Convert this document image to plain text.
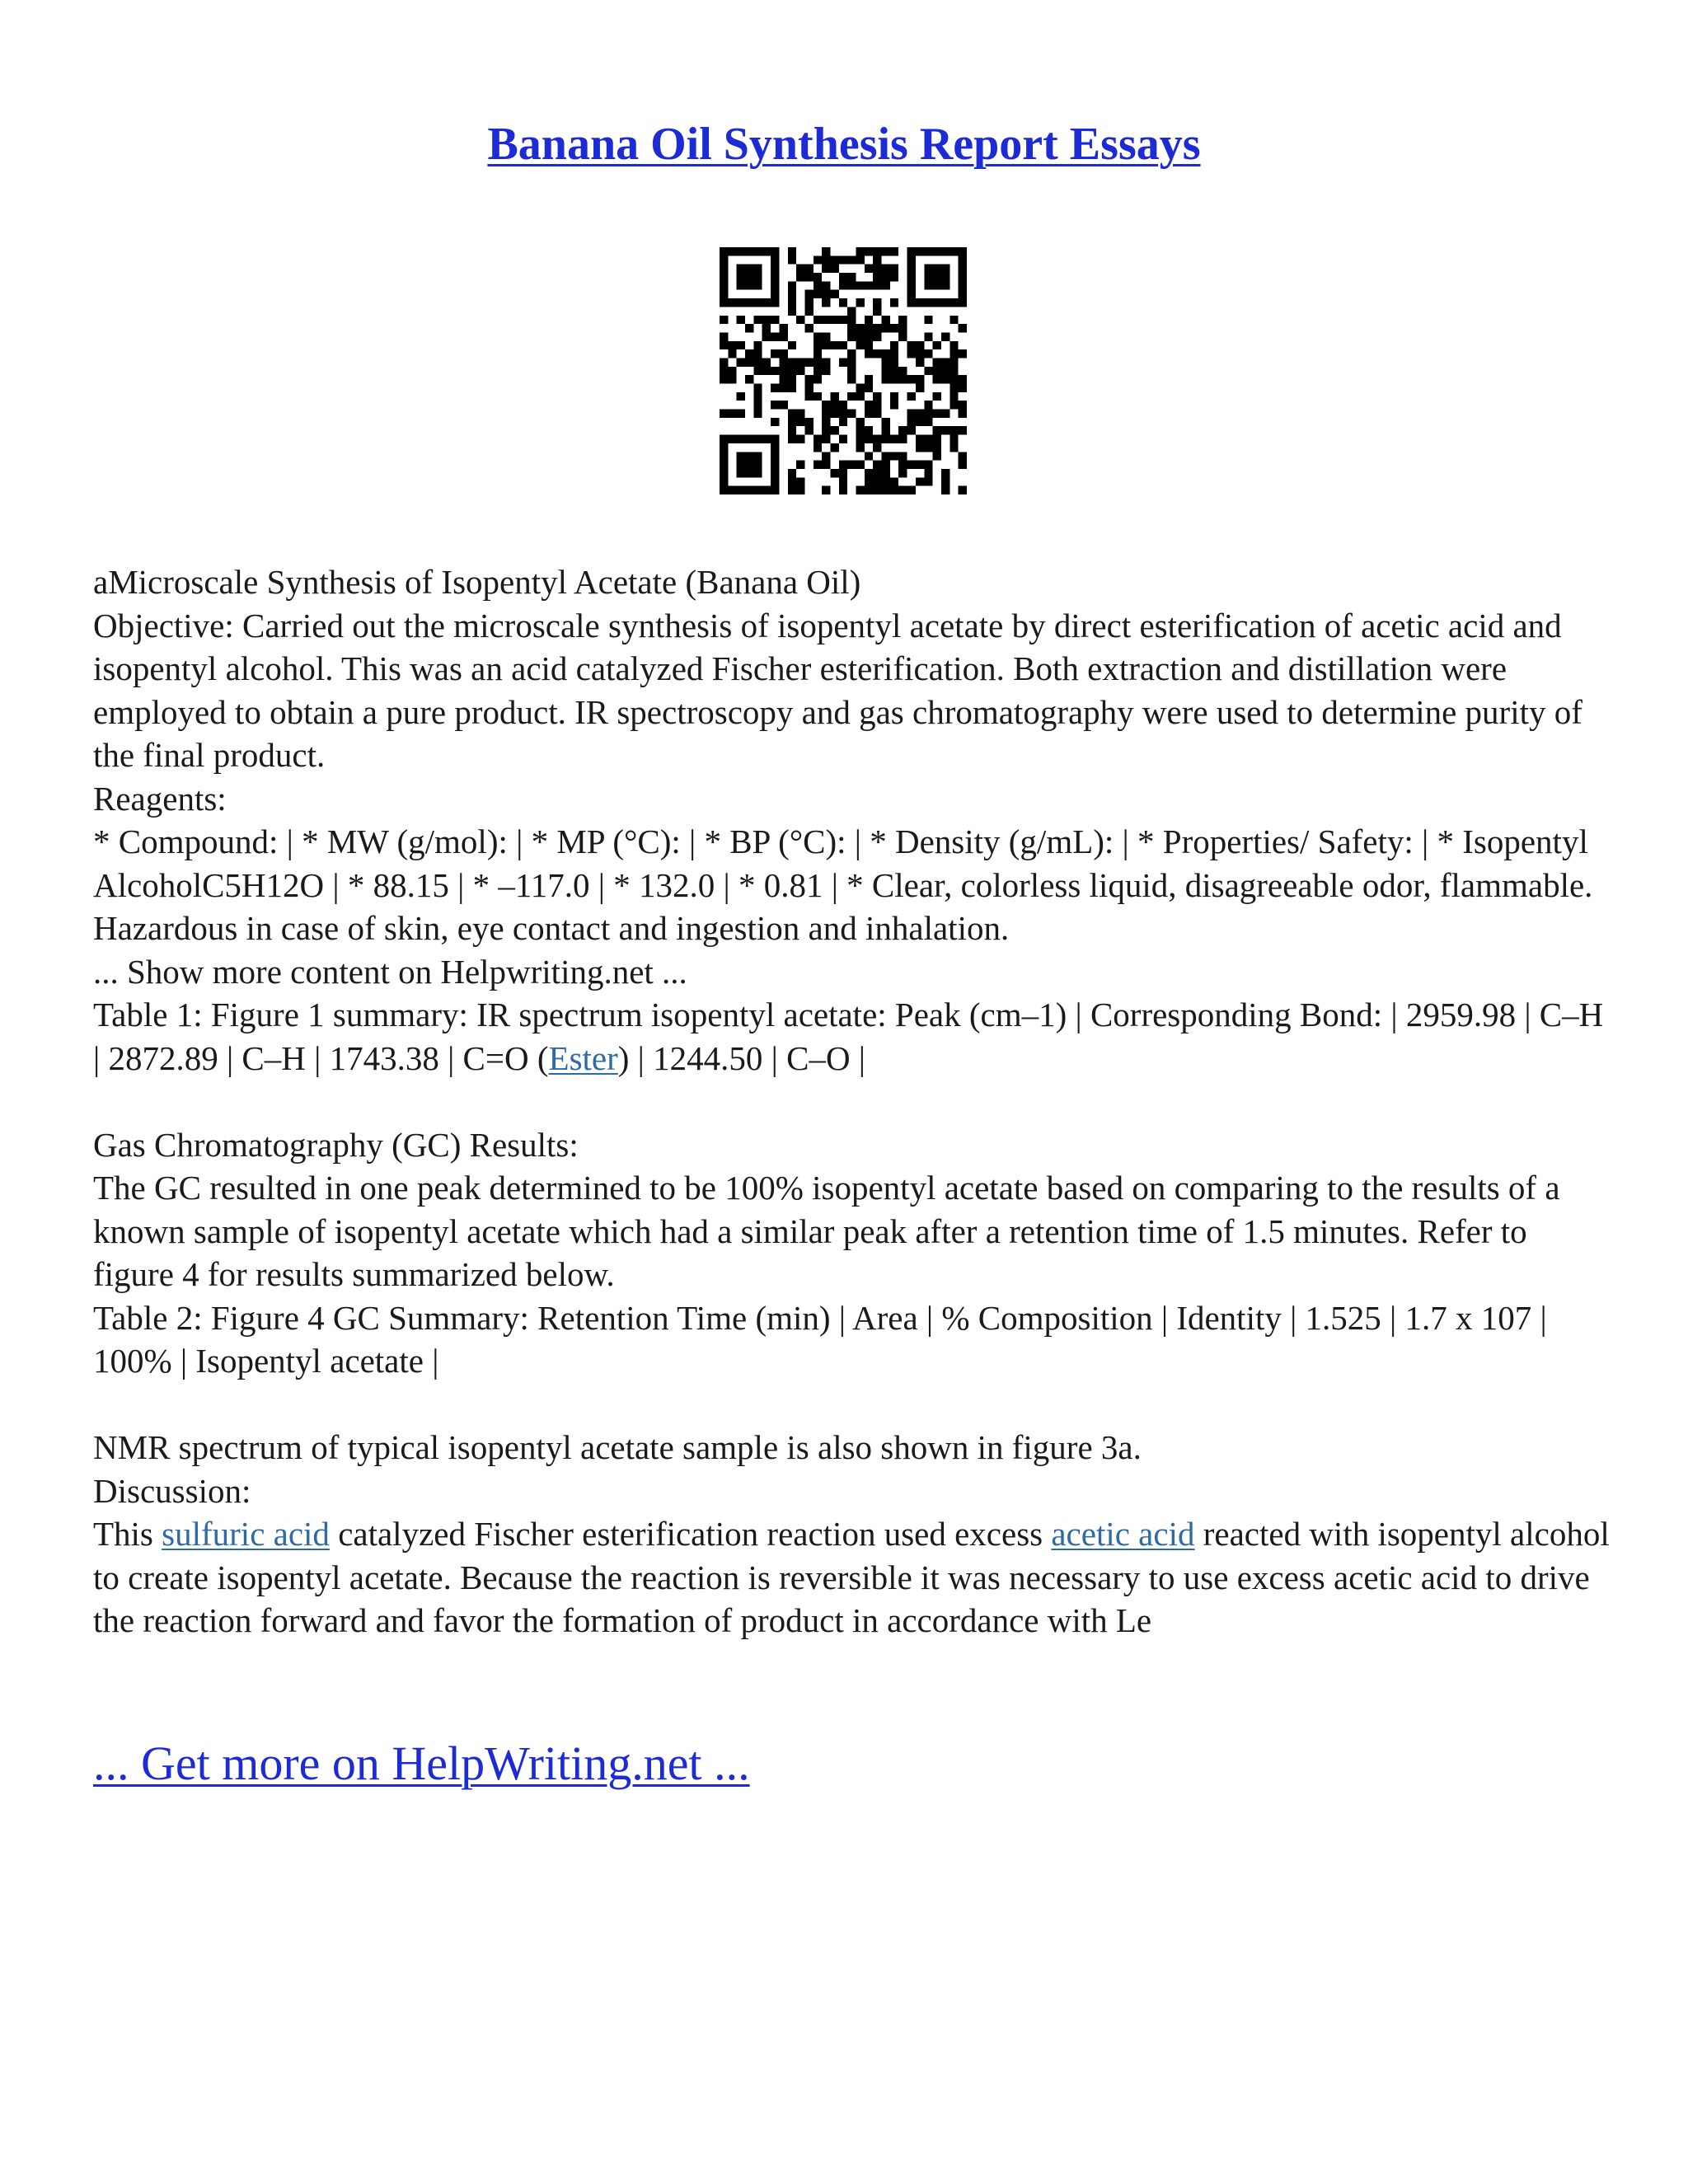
Banana Oil Synthesis Report Essays

aMicroscale Synthesis of Isopentyl Acetate (Banana Oil)

Objective: Carried out the microscale synthesis of isopentyl acetate by direct esterification of acetic acid and isopentyl alcohol. This was an acid catalyzed Fischer esterification. Both extraction and distillation were employed to obtain a pure product. IR spectroscopy and gas chromatography were used to determine purity of the final product.

Reagents:

* Compound: | * MW (g/mol): | * MP (°C): | * BP (°C): | * Density (g/mL): | * Properties/ Safety: | * Isopentyl AlcoholC5H12O | * 88.15 | * –117.0 | * 132.0 | * 0.81 | * Clear, colorless liquid, disagreeable odor, flammable. Hazardous in case of skin, eye contact and ingestion and inhalation.

... Show more content on Helpwriting.net ...

Table 1: Figure 1 summary: IR spectrum isopentyl acetate: Peak (cm–1) | Corresponding Bond: | 2959.98 | C–H | 2872.89 | C–H | 1743.38 | C=O (Ester) | 1244.50 | C–O |

Gas Chromatography (GC) Results:

The GC resulted in one peak determined to be 100% isopentyl acetate based on comparing to the results of a known sample of isopentyl acetate which had a similar peak after a retention time of 1.5 minutes. Refer to figure 4 for results summarized below.

Table 2: Figure 4 GC Summary: Retention Time (min) | Area | % Composition | Identity | 1.525 | 1.7 x 107 | 100% | Isopentyl acetate |

NMR spectrum of typical isopentyl acetate sample is also shown in figure 3a.

Discussion:

This sulfuric acid catalyzed Fischer esterification reaction used excess acetic acid reacted with isopentyl alcohol to create isopentyl acetate. Because the reaction is reversible it was necessary to use excess acetic acid to drive the reaction forward and favor the formation of product in accordance with Le

... Get more on HelpWriting.net ...
